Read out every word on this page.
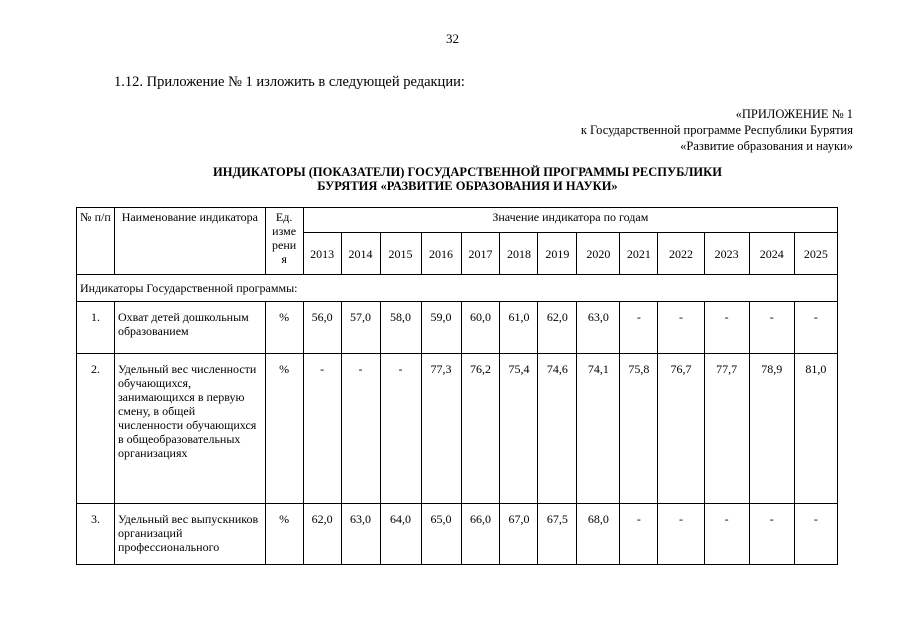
32
1.12. Приложение № 1 изложить в следующей редакции:
«ПРИЛОЖЕНИЕ № 1
к Государственной программе Республики Бурятия
«Развитие образования и науки»
ИНДИКАТОРЫ (ПОКАЗАТЕЛИ) ГОСУДАРСТВЕННОЙ ПРОГРАММЫ РЕСПУБЛИКИ
БУРЯТИЯ «РАЗВИТИЕ ОБРАЗОВАНИЯ И НАУКИ»
№ п/п	Наименование индикатора	Ед. изме рени я	Значение индикатора по годам												
			2013	2014	2015	2016	2017	2018	2019	2020	2021	2022	2023	2024	2025
Индикаторы Государственной программы:															
1.	Охват детей дошкольным образованием	%	56,0	57,0	58,0	59,0	60,0	61,0	62,0	63,0	-	-	-	-	-
2.	Удельный вес численности обучающихся, занимающихся в первую смену, в общей численности обучающихся в общеобразовательных организациях	%	-	-	-	77,3	76,2	75,4	74,6	74,1	75,8	76,7	77,7	78,9	81,0
3.	Удельный вес выпускников организаций профессионального	%	62,0	63,0	64,0	65,0	66,0	67,0	67,5	68,0	-	-	-	-	-
